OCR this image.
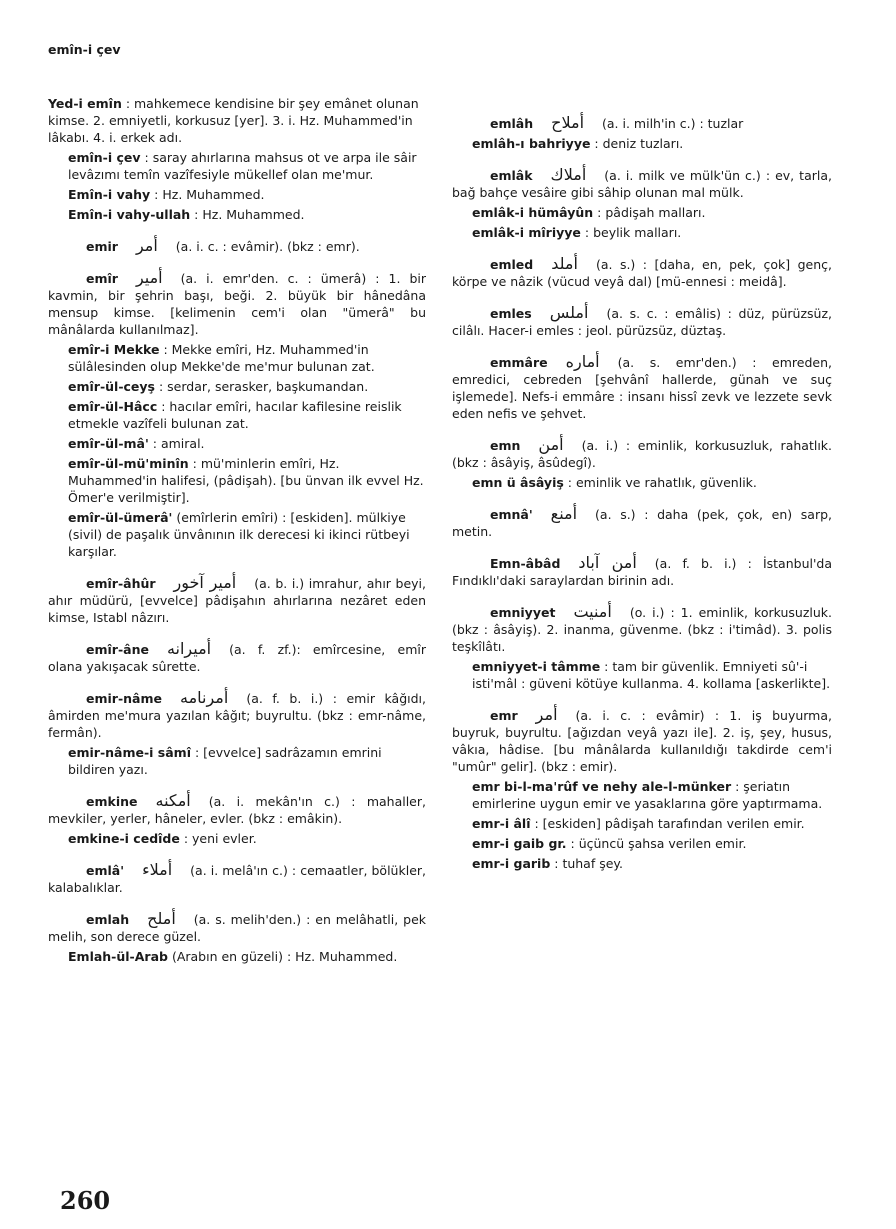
emîn-i çev
Yed-i emîn : mahkemece kendisine bir şey emânet olunan kimse. 2. emniyetli, korkusuz [yer]. 3. i. Hz. Muhammed'in lâkabı. 4. i. erkek adı.
emîn-i çev : saray ahırlarına mahsus ot ve arpa ile sâir levâzımı temîn vazîfesiyle mükellef olan me'mur.
Emîn-i vahy : Hz. Muhammed.
Emîn-i vahy-ullah : Hz. Muhammed.
emir أمر (a. i. c. : evâmir). (bkz : emr).
emîr أمير (a. i. emr'den. c. : ümerâ) : 1. bir kavmin, bir şehrin başı, beği. 2. büyük bir hânedâna mensup kimse. [kelimenin cem'i olan "ümerâ" bu mânâlarda kullanılmaz].
emîr-i Mekke : Mekke emîri, Hz. Muhammed'in sülâlesinden olup Mekke'de me'mur bulunan zat.
emîr-ül-ceyş : serdar, serasker, başkumandan.
emîr-ül-Hâcc : hacılar emîri, hacılar kafilesine reislik etmekle vazîfeli bulunan zat.
emîr-ül-mâ' : amiral.
emîr-ül-mü'minîn : mü'minlerin emîri, Hz. Muhammed'in halifesi, (pâdişah). [bu ünvan ilk evvel Hz. Ömer'e verilmiştir].
emîr-ül-ümerâ' (emîrlerin emîri) : [eskiden]. mülkiye (sivil) de paşalık ünvânının ilk derecesi ki ikinci rütbeyi karşılar.
emîr-âhûr أمير آخور (a. b. i.) imrahur, ahır beyi, ahır müdürü, [evvelce] pâdişahın ahırlarına nezâret eden kimse, Istabl nâzırı.
emîr-âne أميرانه (a. f. zf.): emîrcesine, emîr olana yakışacak sûrette.
emir-nâme أمرنامه (a. f. b. i.) : emir kâğıdı, âmirden me'mura yazılan kâğıt; buyrultu. (bkz : emr-nâme, fermân).
emir-nâme-i sâmî : [evvelce] sadrâzamın emrini bildiren yazı.
emkine أمكنه (a. i. mekân'ın c.) : mahaller, mevkiler, yerler, hâneler, evler. (bkz : emâkin).
emkine-i cedîde : yeni evler.
emlâ' أملاء (a. i. melâ'ın c.) : cemaatler, bölükler, kalabalıklar.
emlah أملح (a. s. melih'den.) : en melâhatli, pek melih, son derece güzel.
Emlah-ül-Arab (Arabın en güzeli) : Hz. Muhammed.
emlâh أملاح (a. i. milh'in c.) : tuzlar
emlâh-ı bahriyye : deniz tuzları.
emlâk أملاك (a. i. milk ve mülk'ün c.) : ev, tarla, bağ bahçe vesâire gibi sâhip olunan mal mülk.
emlâk-i hümâyûn : pâdişah malları.
emlâk-i mîriyye : beylik malları.
emled أملد (a. s.) : [daha, en, pek, çok] genç, körpe ve nâzik (vücud veyâ dal) [mü-ennesi : meidâ].
emles أملس (a. s. c. : emâlis) : düz, pürüzsüz, cilâlı. Hacer-i emles : jeol. pürüzsüz, düztaş.
emmâre أماره (a. s. emr'den.) : emreden, emredici, cebreden [şehvânî hallerde, günah ve suç işlemede]. Nefs-i emmâre : insanı hissî zevk ve lezzete sevk eden nefis ve şehvet.
emn أمن (a. i.) : eminlik, korkusuzluk, rahatlık. (bkz : âsâyiş, âsûdegî).
emn ü âsâyiş : eminlik ve rahatlık, güvenlik.
emnâ' أمنع (a. s.) : daha (pek, çok, en) sarp, metin.
Emn-âbâd أمن آباد (a. f. b. i.) : İstanbul'da Fındıklı'daki saraylardan birinin adı.
emniyyet أمنيت (o. i.) : 1. eminlik, korkusuzluk. (bkz : âsâyiş). 2. inanma, güvenme. (bkz : i'timâd). 3. polis teşkîlâtı.
emniyyet-i tâmme : tam bir güvenlik. Emniyeti sû'-i isti'mâl : güveni kötüye kullanma. 4. kollama [askerlikte].
emr أمر (a. i. c. : evâmir) : 1. iş buyurma, buyruk, buyrultu. [ağızdan veyâ yazı ile]. 2. iş, şey, husus, vâkıa, hâdise. [bu mânâlarda kullanıldığı takdirde cem'i "umûr" gelir]. (bkz : emir).
emr bi-l-ma'rûf ve nehy ale-l-münker : şeriatın emirlerine uygun emir ve yasaklarına göre yaptırmama.
emr-i âlî : [eskiden] pâdişah tarafından verilen emir.
emr-i gaib gr. : üçüncü şahsa verilen emir.
emr-i garib : tuhaf şey.
260
